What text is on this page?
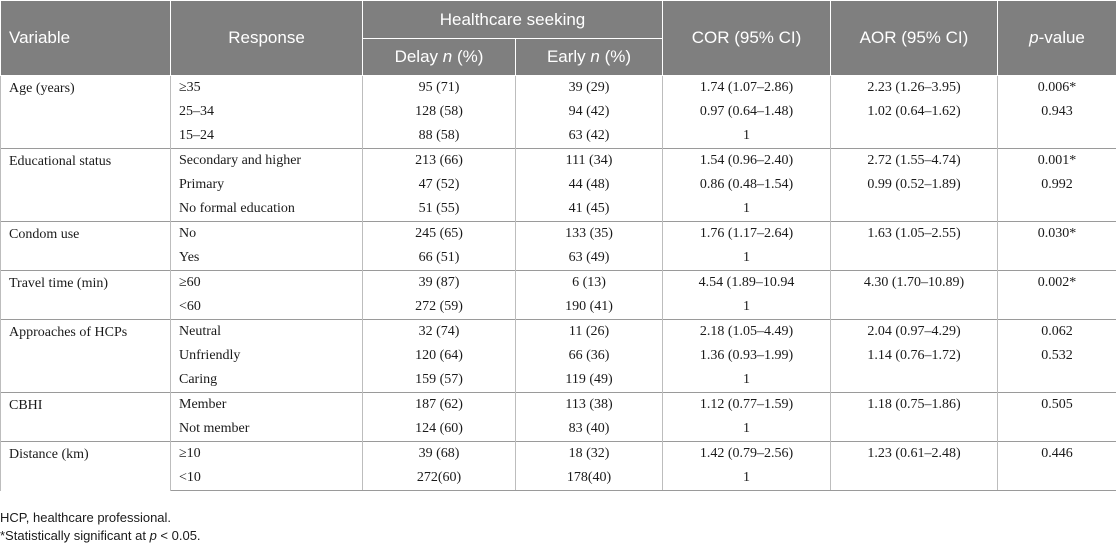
Variable	Response	Healthcare seeking		COR (95% CI)	AOR (95% CI)	p-value
		Delay n (%)	Early n (%)			
Age (years)	≥35	95 (71)	39 (29)	1.74 (1.07–2.86)	2.23 (1.26–3.95)	0.006*
	25–34	128 (58)	94 (42)	0.97 (0.64–1.48)	1.02 (0.64–1.62)	0.943
	15–24	88 (58)	63 (42)	1		
Educational status	Secondary and higher	213 (66)	111 (34)	1.54 (0.96–2.40)	2.72 (1.55–4.74)	0.001*
	Primary	47 (52)	44 (48)	0.86 (0.48–1.54)	0.99 (0.52–1.89)	0.992
	No formal education	51 (55)	41 (45)	1		
Condom use	No	245 (65)	133 (35)	1.76 (1.17–2.64)	1.63 (1.05–2.55)	0.030*
	Yes	66 (51)	63 (49)	1		
Travel time (min)	≥60	39 (87)	6 (13)	4.54 (1.89–10.94	4.30 (1.70–10.89)	0.002*
	<60	272 (59)	190 (41)	1		
Approaches of HCPs	Neutral	32 (74)	11 (26)	2.18 (1.05–4.49)	2.04 (0.97–4.29)	0.062
	Unfriendly	120 (64)	66 (36)	1.36 (0.93–1.99)	1.14 (0.76–1.72)	0.532
	Caring	159 (57)	119 (49)	1		
CBHI	Member	187 (62)	113 (38)	1.12 (0.77–1.59)	1.18 (0.75–1.86)	0.505
	Not member	124 (60)	83 (40)	1		
Distance (km)	≥10	39 (68)	18 (32)	1.42 (0.79–2.56)	1.23 (0.61–2.48)	0.446
	<10	272(60)	178(40)	1		
HCP, healthcare professional.
*Statistically significant at p < 0.05.
